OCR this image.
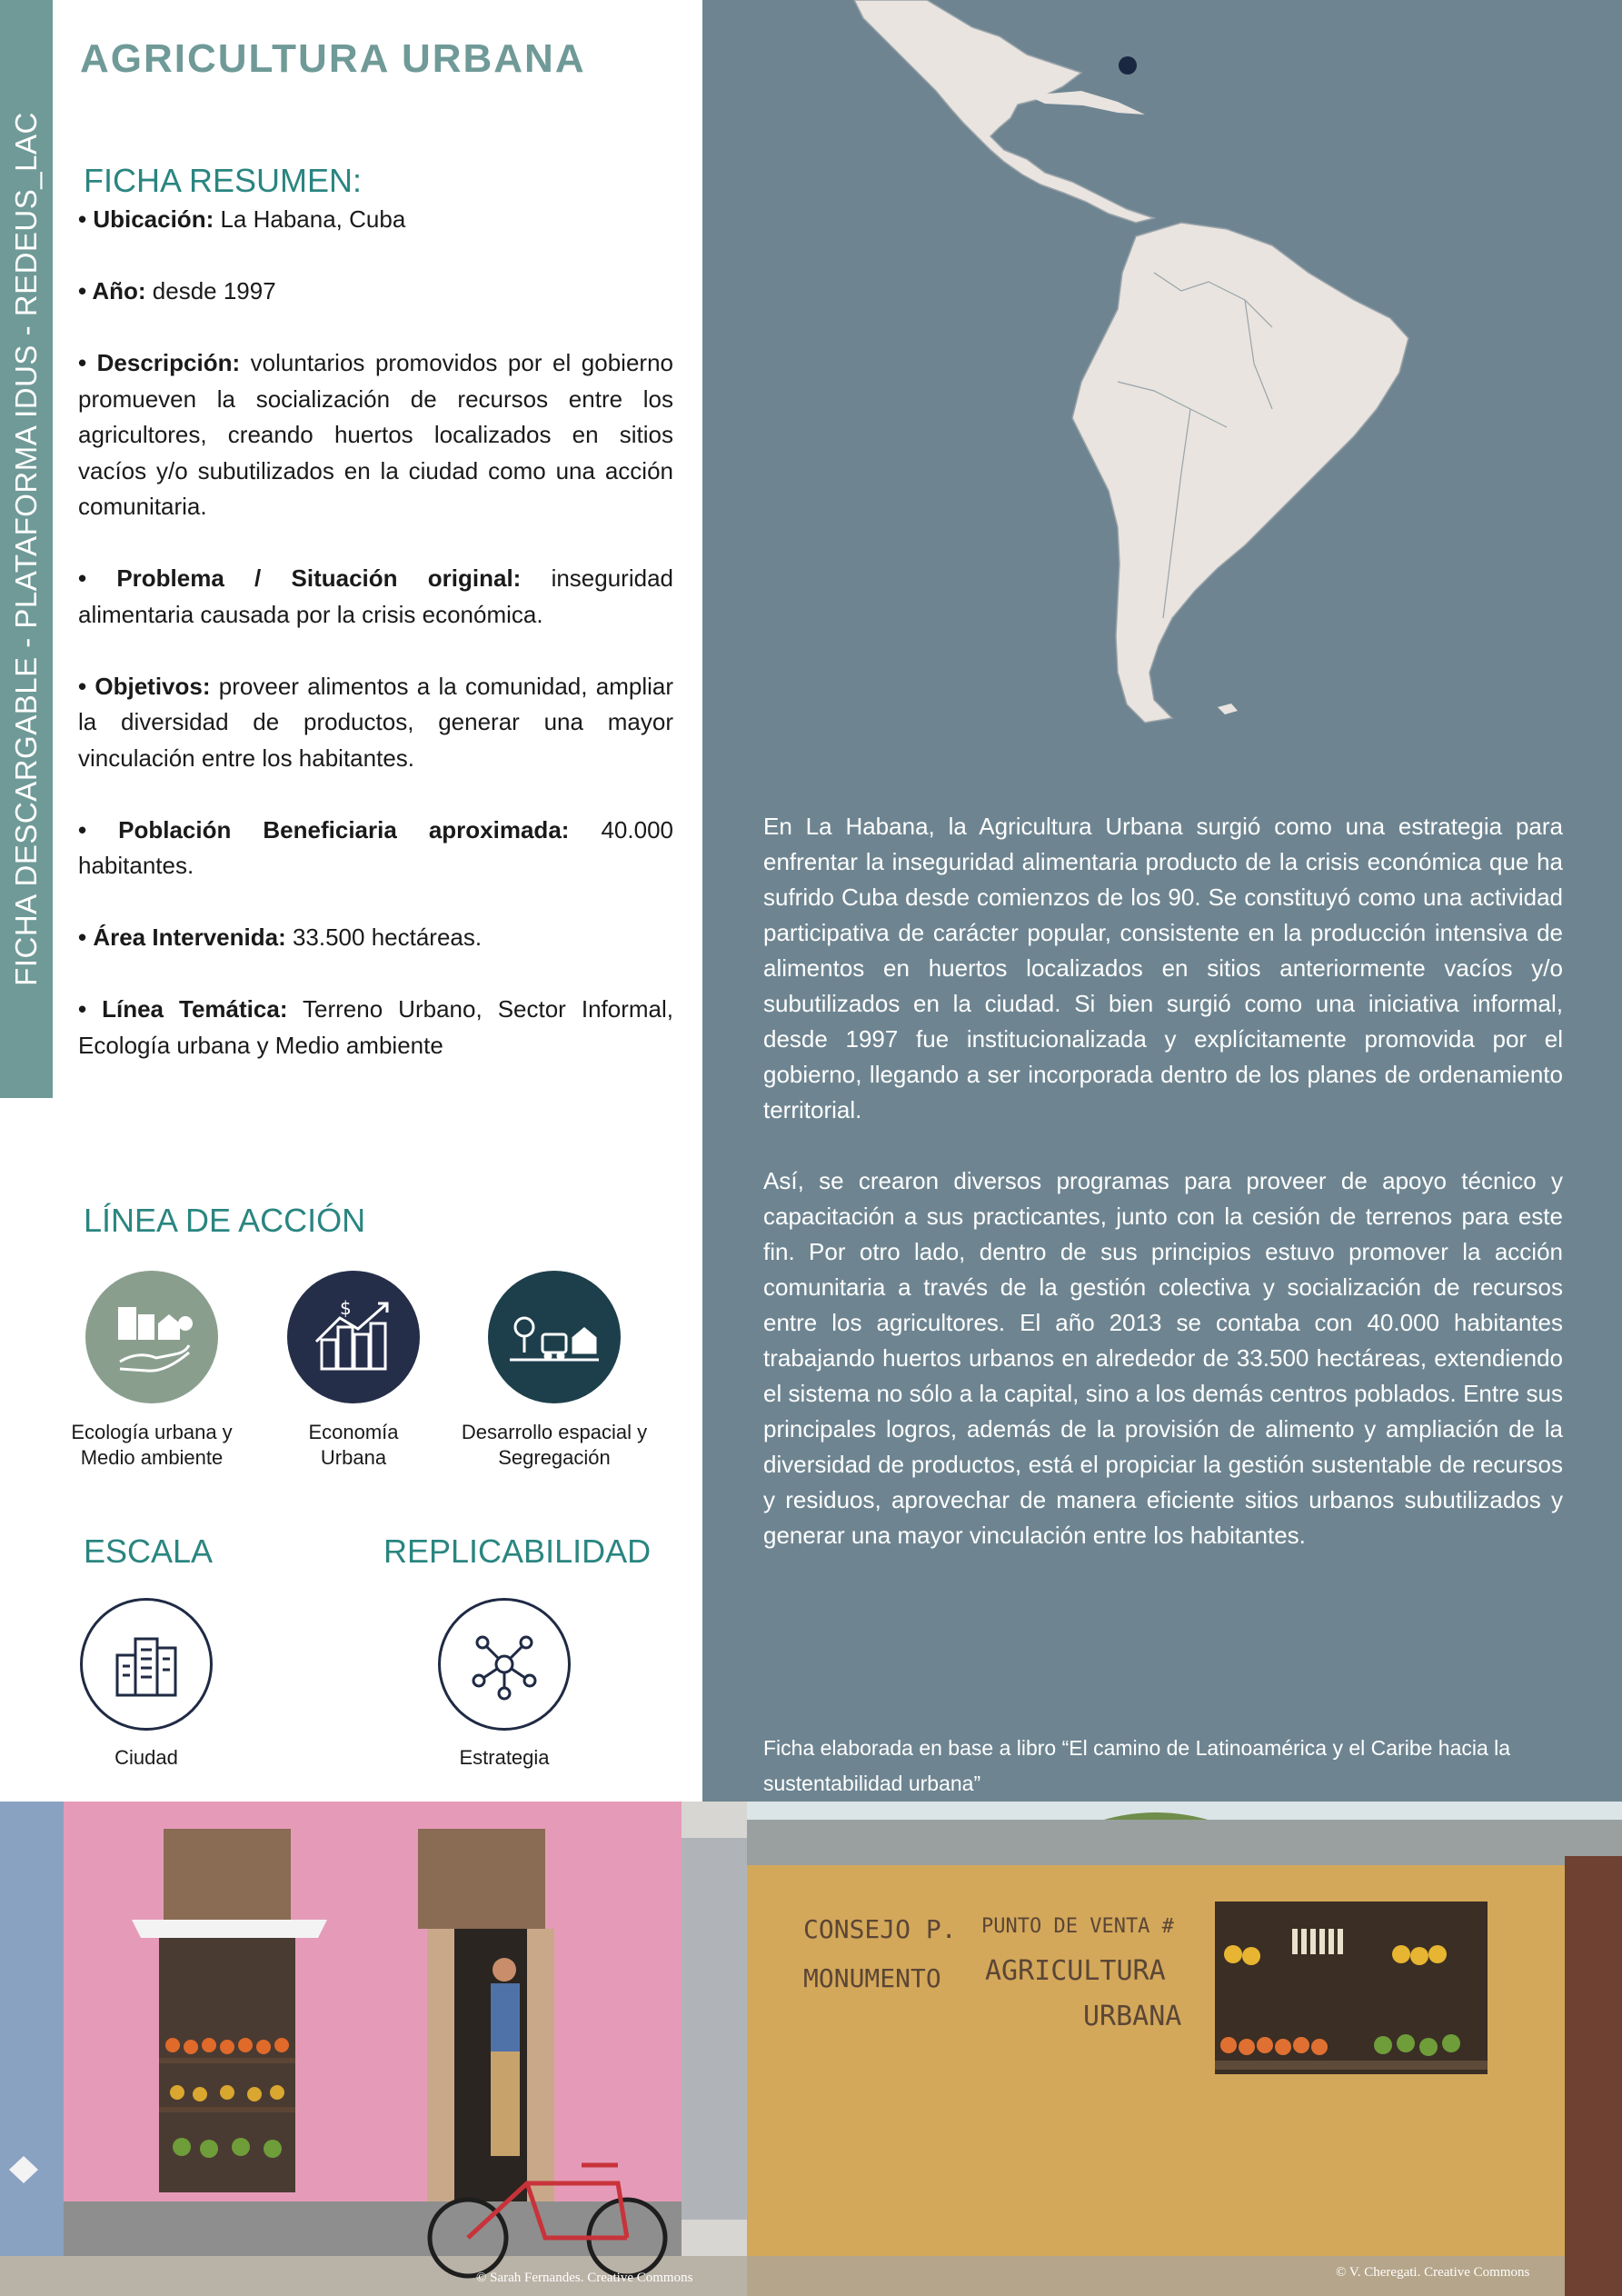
FICHA DESCARGABLE - PLATAFORMA IDUS - REDEUS_LAC
AGRICULTURA URBANA
FICHA RESUMEN:

• Ubicación: La Habana, Cuba

• Año: desde 1997

• Descripción: voluntarios promovidos por el gobierno promueven la socialización de recursos entre los agricultores, creando huertos localizados en sitios vacíos y/o subutilizados en la ciudad como una acción comunitaria.

• Problema / Situación original: inseguridad alimentaria causada por la crisis económica.

• Objetivos: proveer alimentos a la comunidad, ampliar la diversidad de productos, generar una mayor vinculación entre los habitantes.

• Población Beneficiaria aproximada: 40.000 habitantes.

• Área Intervenida: 33.500 hectáreas.

• Línea Temática: Terreno Urbano, Sector Informal, Ecología urbana y Medio ambiente

LÍNEA DE ACCIÓN
Ecología urbana y
Medio ambiente
$
Economía
Urbana
Desarrollo espacial y
Segregación
ESCALA
Ciudad
REPLICABILIDAD
Estrategia

En La Habana, la Agricultura Urbana surgió como una estrategia para enfrentar la inseguridad alimentaria producto de la crisis económica que ha sufrido Cuba desde comienzos de los 90. Se constituyó como una actividad participativa de carácter popular, consistente en la producción intensiva de alimentos en huertos localizados en sitios anteriormente vacíos y/o subutilizados en la ciudad. Si bien surgió como una iniciativa informal, desde 1997 fue institucionalizada y explícitamente promovida por el gobierno, llegando a ser incorporada dentro de los planes de ordenamiento territorial.

Así, se crearon diversos programas para proveer de apoyo técnico y capacitación a sus practicantes, junto con la cesión de terrenos para este fin. Por otro lado, dentro de sus principios estuvo promover la acción comunitaria a través de la gestión colectiva y socialización de recursos entre los agricultores. El año 2013 se contaba con 40.000 habitantes trabajando huertos urbanos en alrededor de 33.500 hectáreas, extendiendo el sistema no sólo a la capital, sino a los demás centros poblados. Entre sus principales logros, además de la provisión de alimento y ampliación de la diversidad de productos, está el propiciar la gestión sustentable de recursos y residuos, aprovechar de manera eficiente sitios urbanos subutilizados y generar una mayor vinculación entre los habitantes.

Ficha elaborada en base a libro “El camino de Latinoamérica y el Caribe hacia la sustentabilidad urbana”
© Sarah Fernandes. Creative Commons
CONSEJO P.
MONUMENTO
PUNTO DE VENTA #
AGRICULTURA
URBANA
© V. Cheregati. Creative Commons
